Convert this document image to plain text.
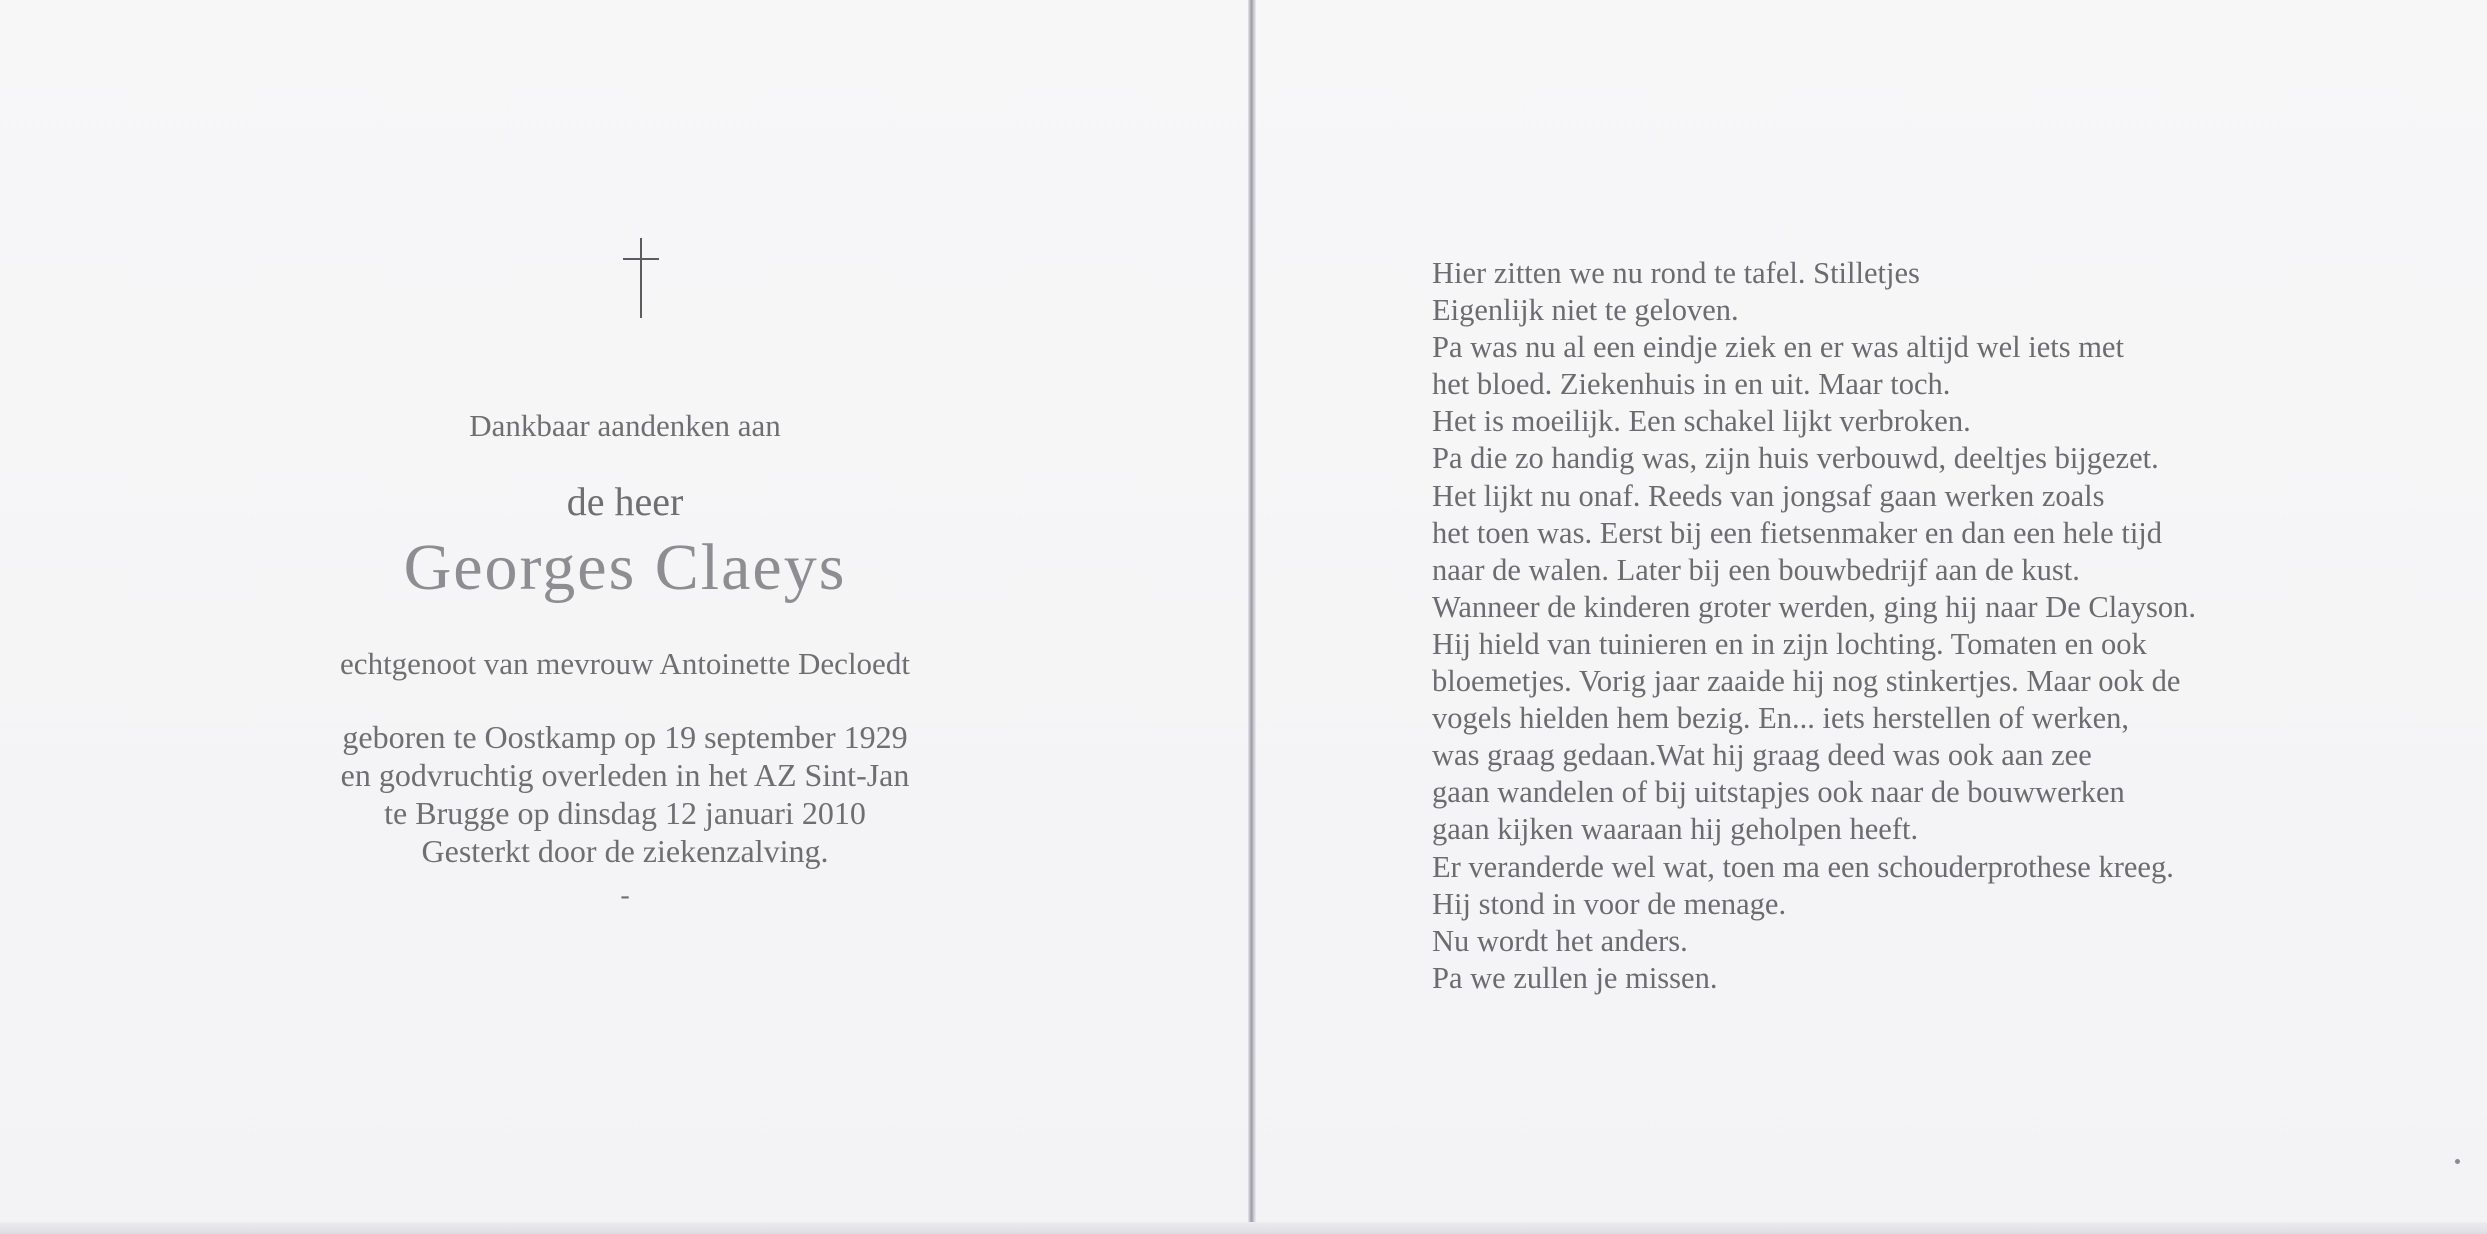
Dankbaar aandenken aan
de heer
Georges Claeys
echtgenoot van mevrouw Antoinette Decloedt
geboren te Oostkamp op 19 september 1929
en godvruchtig overleden in het AZ Sint-Jan
te Brugge op dinsdag 12 januari 2010
Gesterkt door de ziekenzalving.
-
Hier zitten we nu rond te tafel. Stilletjes
Eigenlijk niet te geloven.
Pa was nu al een eindje ziek en er was altijd wel iets met
het bloed. Ziekenhuis in en uit. Maar toch.
Het is moeilijk. Een schakel lijkt verbroken.
Pa die zo handig was, zijn huis verbouwd, deeltjes bijgezet.
Het lijkt nu onaf. Reeds van jongsaf gaan werken zoals
het toen was. Eerst bij een fietsenmaker en dan een hele tijd
naar de walen. Later bij een bouwbedrijf aan de kust.
Wanneer de kinderen groter werden, ging hij naar De Clayson.
Hij hield van tuinieren en in zijn lochting. Tomaten en ook
bloemetjes. Vorig jaar zaaide hij nog stinkertjes. Maar ook de
vogels hielden hem bezig. En... iets herstellen of werken,
was graag gedaan.Wat hij graag deed was ook aan zee
gaan wandelen of bij uitstapjes ook naar de bouwwerken
gaan kijken waaraan hij geholpen heeft.
Er veranderde wel wat, toen ma een schouderprothese kreeg.
Hij stond in voor de menage.
Nu wordt het anders.
Pa we zullen je missen.
